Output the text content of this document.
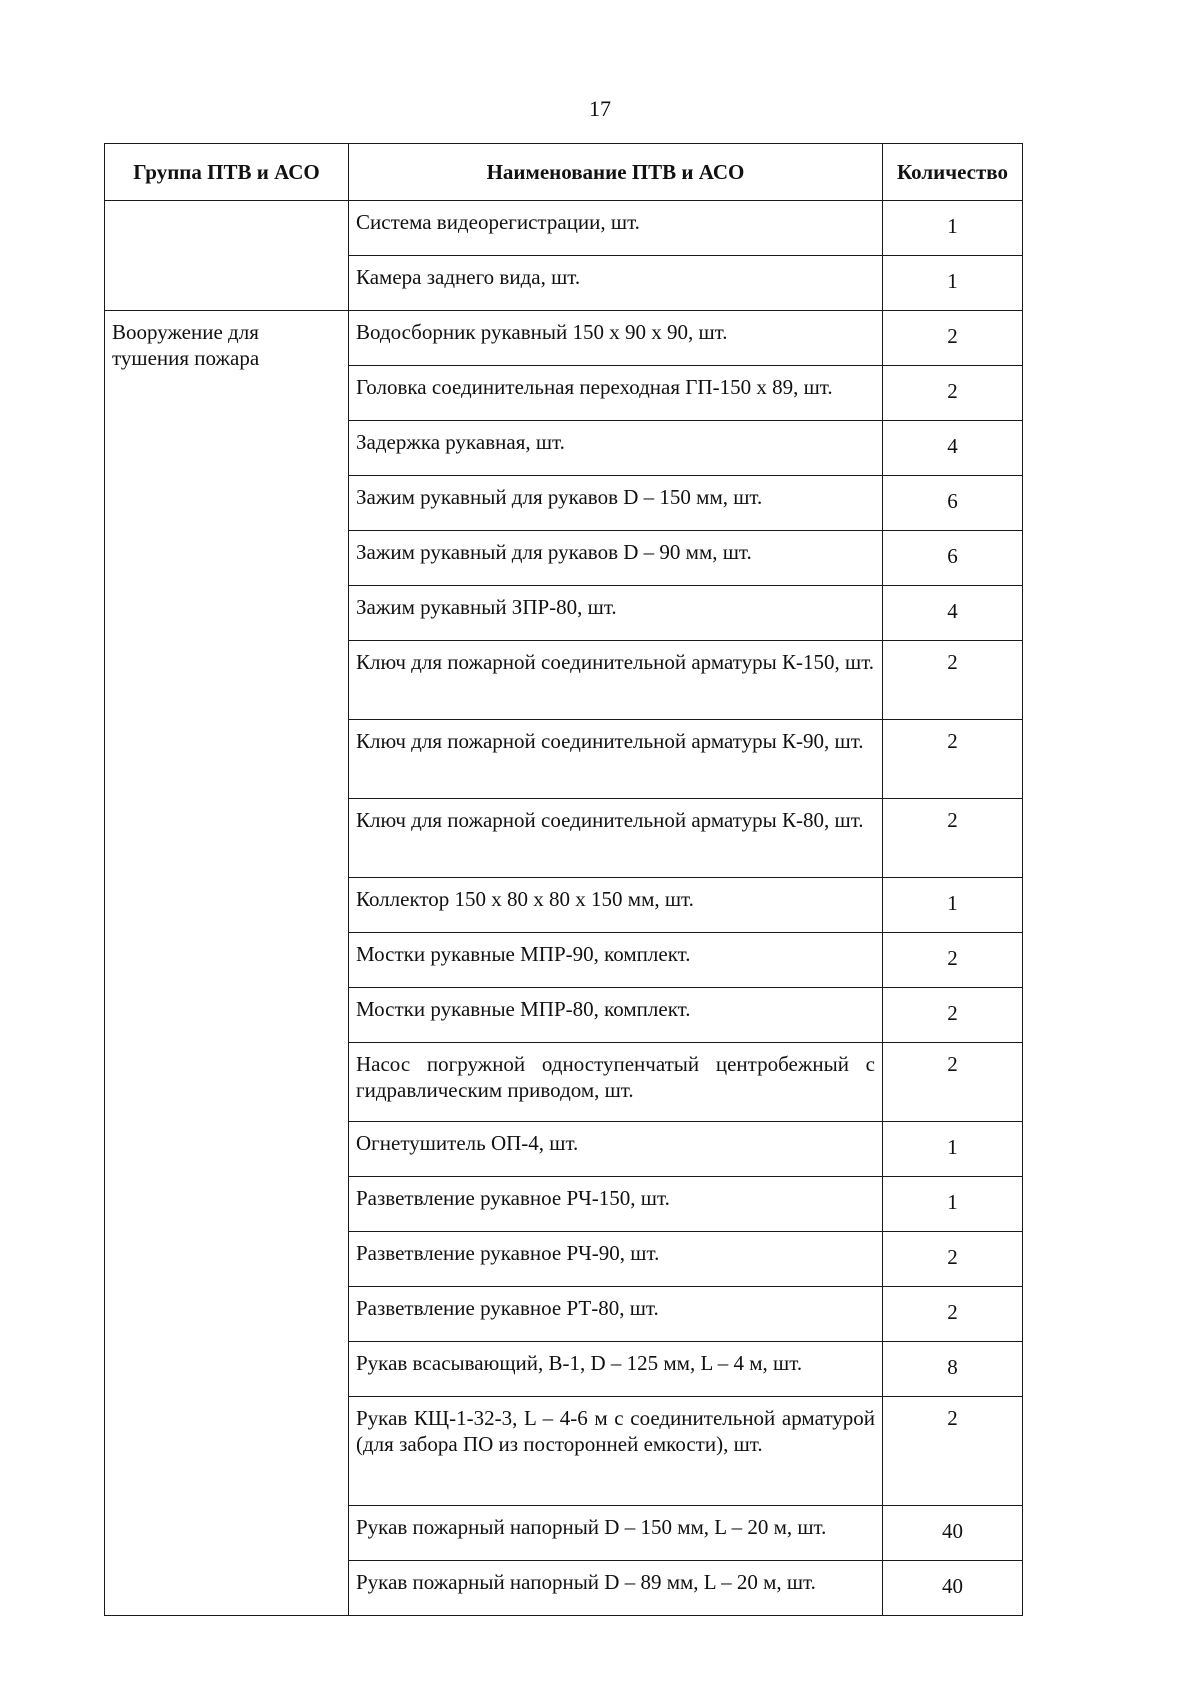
17
Группа ПТВ и АСО	Наименование ПТВ и АСО	Количество
	Система видеорегистрации, шт.	1
	Камера заднего вида, шт.	1
Вооружение для тушения пожара	Водосборник рукавный 150 х 90 х 90, шт.	2
	Головка соединительная переходная ГП-150 х 89, шт.	2
	Задержка рукавная, шт.	4
	Зажим рукавный для рукавов D – 150 мм, шт.	6
	Зажим рукавный для рукавов D – 90 мм, шт.	6
	Зажим рукавный ЗПР-80, шт.	4
	Ключ для пожарной соединительной арматуры К-150, шт.	2
	Ключ для пожарной соединительной арматуры К-90, шт.	2
	Ключ для пожарной соединительной арматуры К-80, шт.	2
	Коллектор 150 х 80 х 80 х 150 мм, шт.	1
	Мостки рукавные МПР-90, комплект.	2
	Мостки рукавные МПР-80, комплект.	2
	Насос погружной одноступенчатый центробежный с гидравлическим приводом, шт.	2
	Огнетушитель ОП-4, шт.	1
	Разветвление рукавное РЧ-150, шт.	1
	Разветвление рукавное РЧ-90, шт.	2
	Разветвление рукавное РТ-80, шт.	2
	Рукав всасывающий, В-1, D – 125 мм, L – 4 м, шт.	8
	Рукав КЩ-1-32-3, L – 4-6 м с соединительной арматурой (для забора ПО из посторонней емкости), шт.	2
	Рукав пожарный напорный D – 150 мм, L – 20 м, шт.	40
	Рукав пожарный напорный D – 89 мм, L – 20 м, шт.	40
